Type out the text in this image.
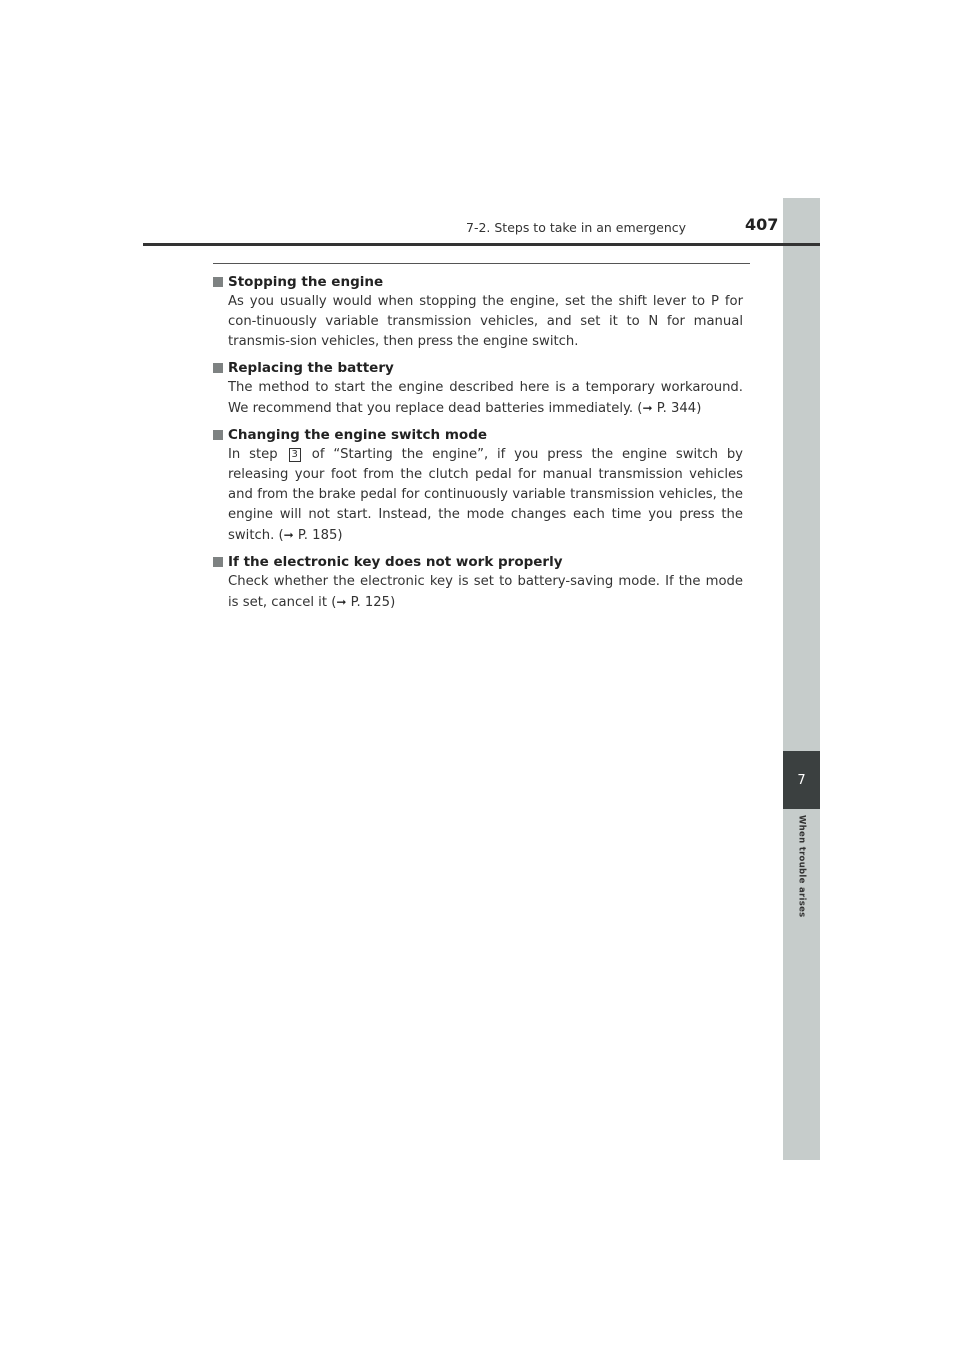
7
When trouble arises
7-2. Steps to take in an emergency	407
Stopping the engine
As you usually would when stopping the engine, set the shift lever to P for con-tinuously variable transmission vehicles, and set it to N for manual transmis-sion vehicles, then press the engine switch.
Replacing the battery
The method to start the engine described here is a temporary workaround. We recommend that you replace dead batteries immediately. (➞ P. 344)
Changing the engine switch mode
In step 3 of “Starting the engine”, if you press the engine switch by releasing your foot from the clutch pedal for manual transmission vehicles and from the brake pedal for continuously variable transmission vehicles, the engine will not start. Instead, the mode changes each time you press the switch. (➞ P. 185)
If the electronic key does not work properly
Check whether the electronic key is set to battery-saving mode. If the mode is set, cancel it (➞ P. 125)
